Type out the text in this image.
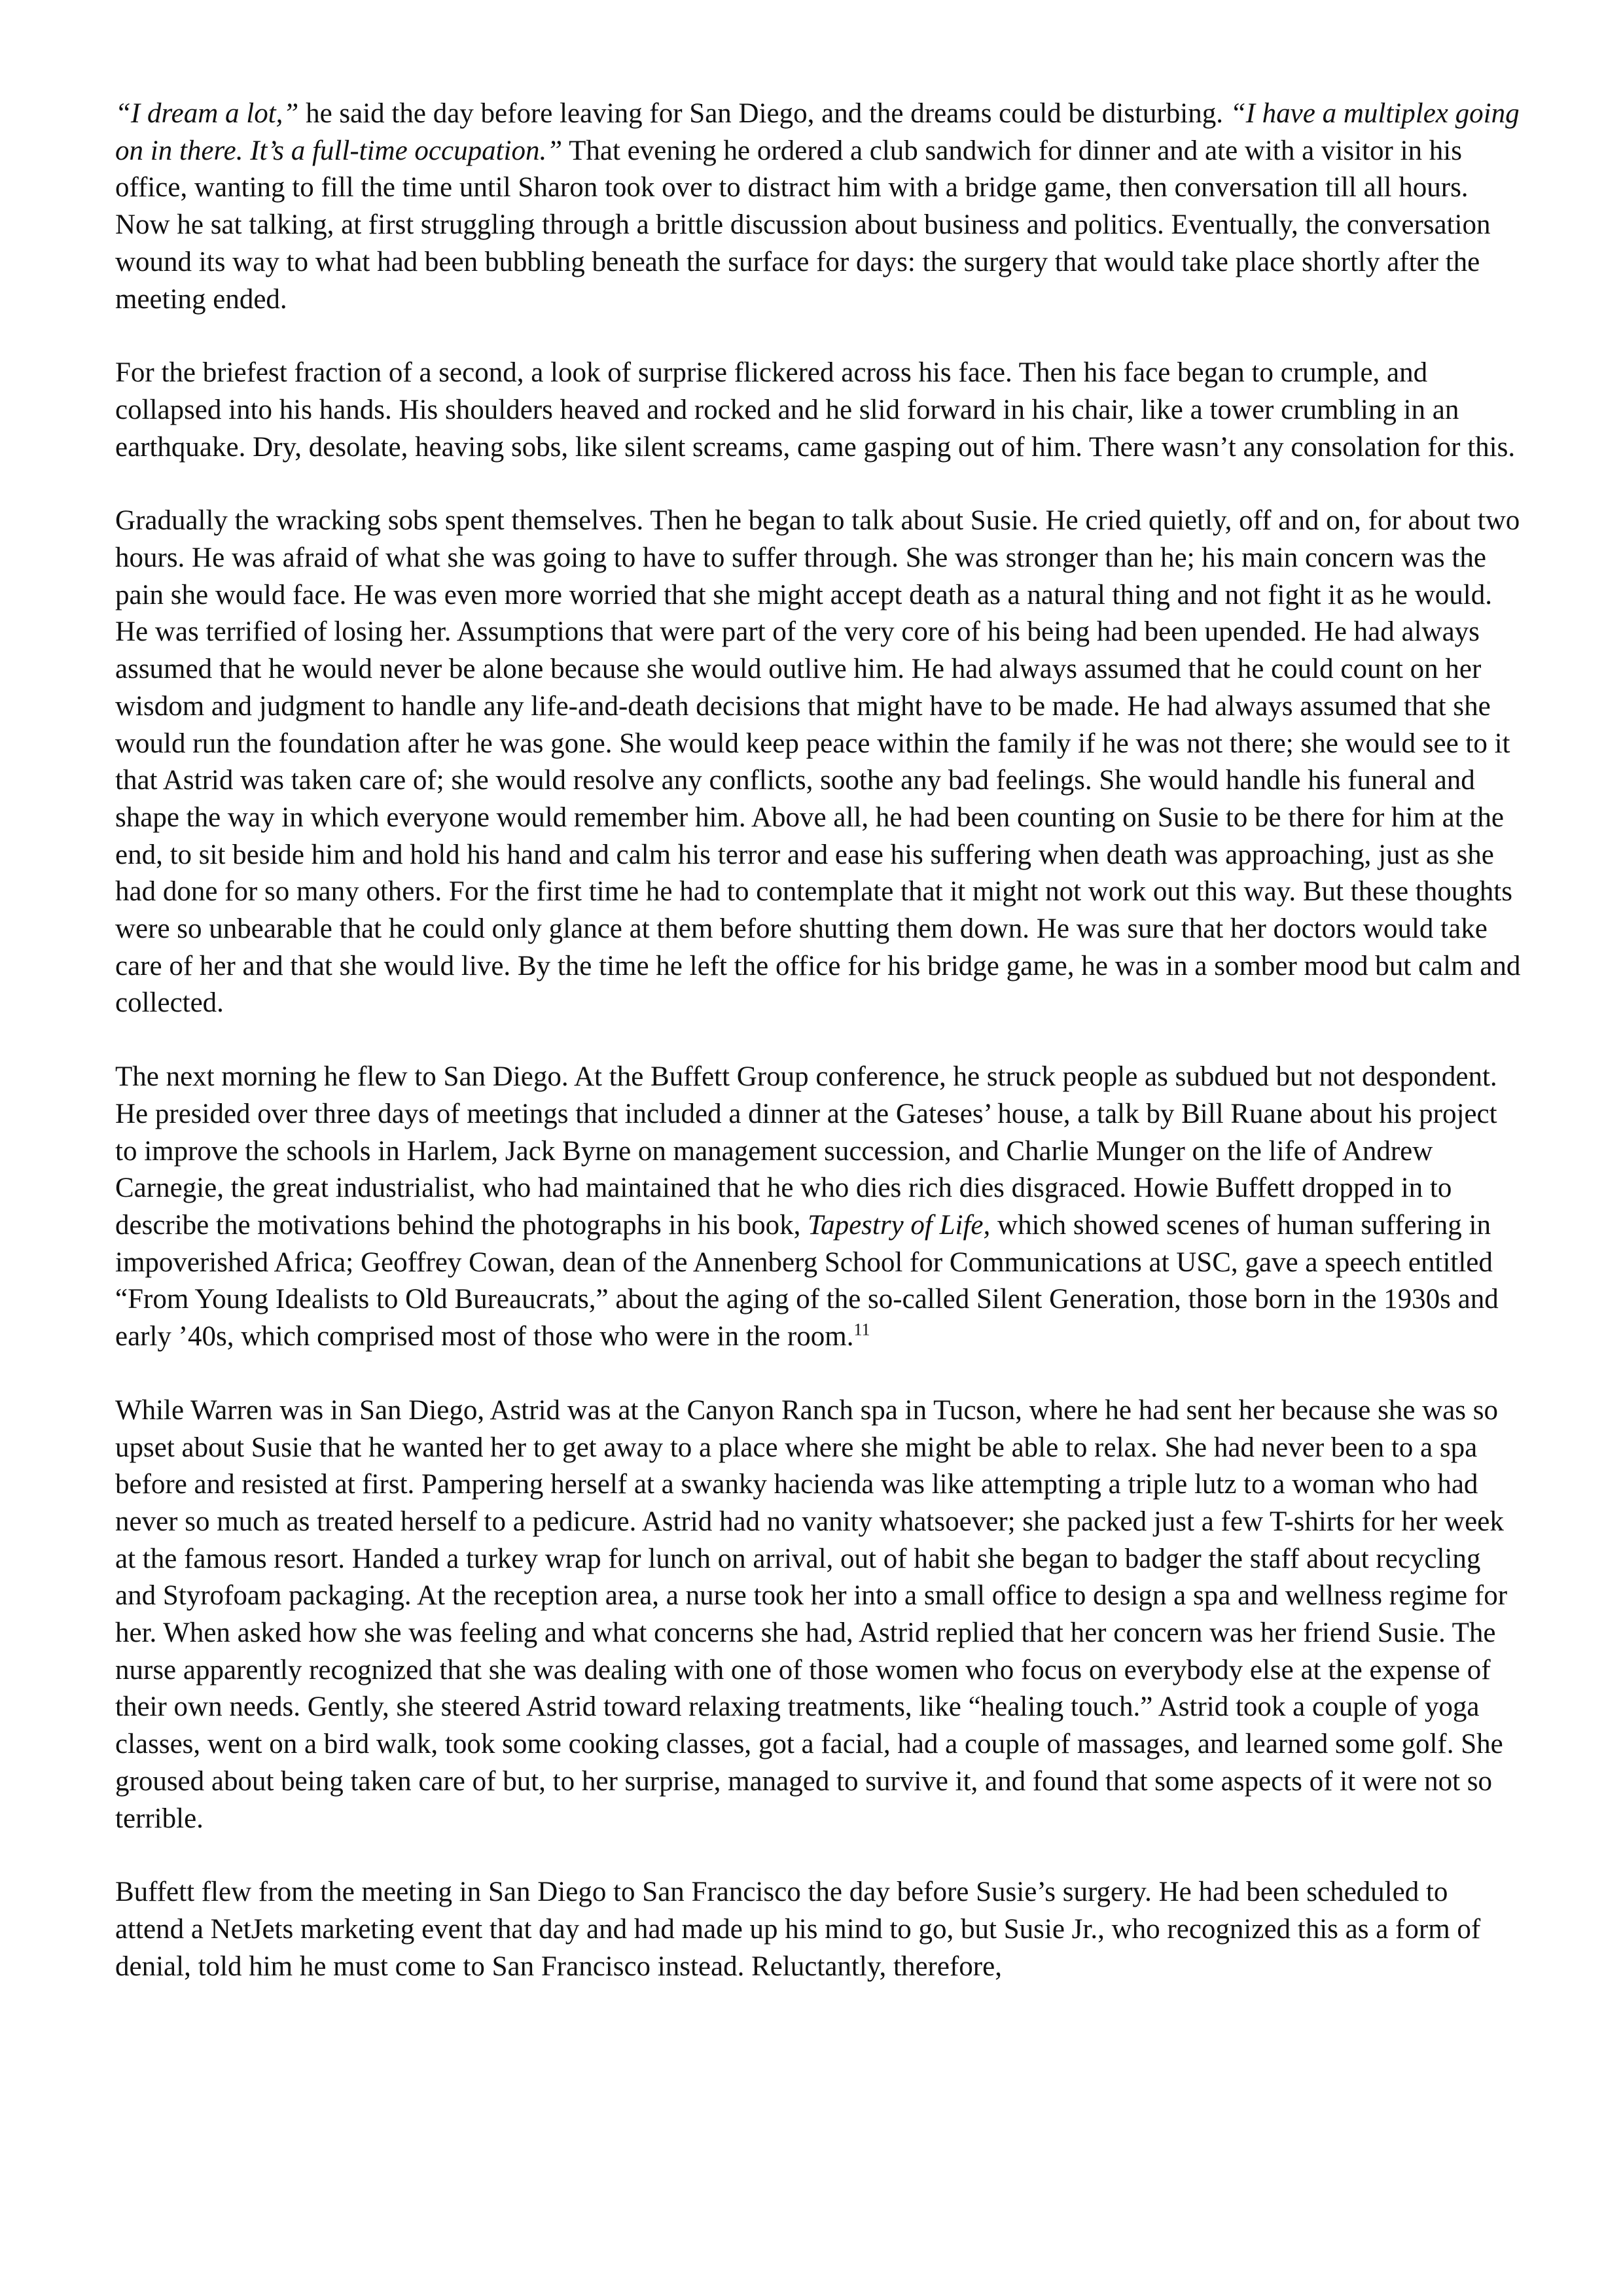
“I dream a lot,” he said the day before leaving for San Diego, and the dreams could be disturbing. “I have a multiplex going on in there. It’s a full-time occupation.” That evening he ordered a club sandwich for dinner and ate with a visitor in his office, wanting to fill the time until Sharon took over to distract him with a bridge game, then conversation till all hours. Now he sat talking, at first struggling through a brittle discussion about business and politics. Eventually, the conversation wound its way to what had been bubbling beneath the surface for days: the surgery that would take place shortly after the meeting ended.

For the briefest fraction of a second, a look of surprise flickered across his face. Then his face began to crumple, and collapsed into his hands. His shoulders heaved and rocked and he slid forward in his chair, like a tower crumbling in an earthquake. Dry, desolate, heaving sobs, like silent screams, came gasping out of him. There wasn’t any consolation for this.

Gradually the wracking sobs spent themselves. Then he began to talk about Susie. He cried quietly, off and on, for about two hours. He was afraid of what she was going to have to suffer through. She was stronger than he; his main concern was the pain she would face. He was even more worried that she might accept death as a natural thing and not fight it as he would. He was terrified of losing her. Assumptions that were part of the very core of his being had been upended. He had always assumed that he would never be alone because she would outlive him. He had always assumed that he could count on her wisdom and judgment to handle any life-and-death decisions that might have to be made. He had always assumed that she would run the foundation after he was gone. She would keep peace within the family if he was not there; she would see to it that Astrid was taken care of; she would resolve any conflicts, soothe any bad feelings. She would handle his funeral and shape the way in which everyone would remember him. Above all, he had been counting on Susie to be there for him at the end, to sit beside him and hold his hand and calm his terror and ease his suffering when death was approaching, just as she had done for so many others. For the first time he had to contemplate that it might not work out this way. But these thoughts were so unbearable that he could only glance at them before shutting them down. He was sure that her doctors would take care of her and that she would live. By the time he left the office for his bridge game, he was in a somber mood but calm and collected.

The next morning he flew to San Diego. At the Buffett Group conference, he struck people as subdued but not despondent. He presided over three days of meetings that included a dinner at the Gateses’ house, a talk by Bill Ruane about his project to improve the schools in Harlem, Jack Byrne on management succession, and Charlie Munger on the life of Andrew Carnegie, the great industrialist, who had maintained that he who dies rich dies disgraced. Howie Buffett dropped in to describe the motivations behind the photographs in his book, Tapestry of Life, which showed scenes of human suffering in impoverished Africa; Geoffrey Cowan, dean of the Annenberg School for Communications at USC, gave a speech entitled “From Young Idealists to Old Bureaucrats,” about the aging of the so-called Silent Generation, those born in the 1930s and early ’40s, which comprised most of those who were in the room.$^{11}$

While Warren was in San Diego, Astrid was at the Canyon Ranch spa in Tucson, where he had sent her because she was so upset about Susie that he wanted her to get away to a place where she might be able to relax. She had never been to a spa before and resisted at first. Pampering herself at a swanky hacienda was like attempting a triple lutz to a woman who had never so much as treated herself to a pedicure. Astrid had no vanity whatsoever; she packed just a few T-shirts for her week at the famous resort. Handed a turkey wrap for lunch on arrival, out of habit she began to badger the staff about recycling and Styrofoam packaging. At the reception area, a nurse took her into a small office to design a spa and wellness regime for her. When asked how she was feeling and what concerns she had, Astrid replied that her concern was her friend Susie. The nurse apparently recognized that she was dealing with one of those women who focus on everybody else at the expense of their own needs. Gently, she steered Astrid toward relaxing treatments, like “healing touch.” Astrid took a couple of yoga classes, went on a bird walk, took some cooking classes, got a facial, had a couple of massages, and learned some golf. She groused about being taken care of but, to her surprise, managed to survive it, and found that some aspects of it were not so terrible.

Buffett flew from the meeting in San Diego to San Francisco the day before Susie’s surgery. He had been scheduled to attend a NetJets marketing event that day and had made up his mind to go, but Susie Jr., who recognized this as a form of denial, told him he must come to San Francisco instead. Reluctantly, therefore,
